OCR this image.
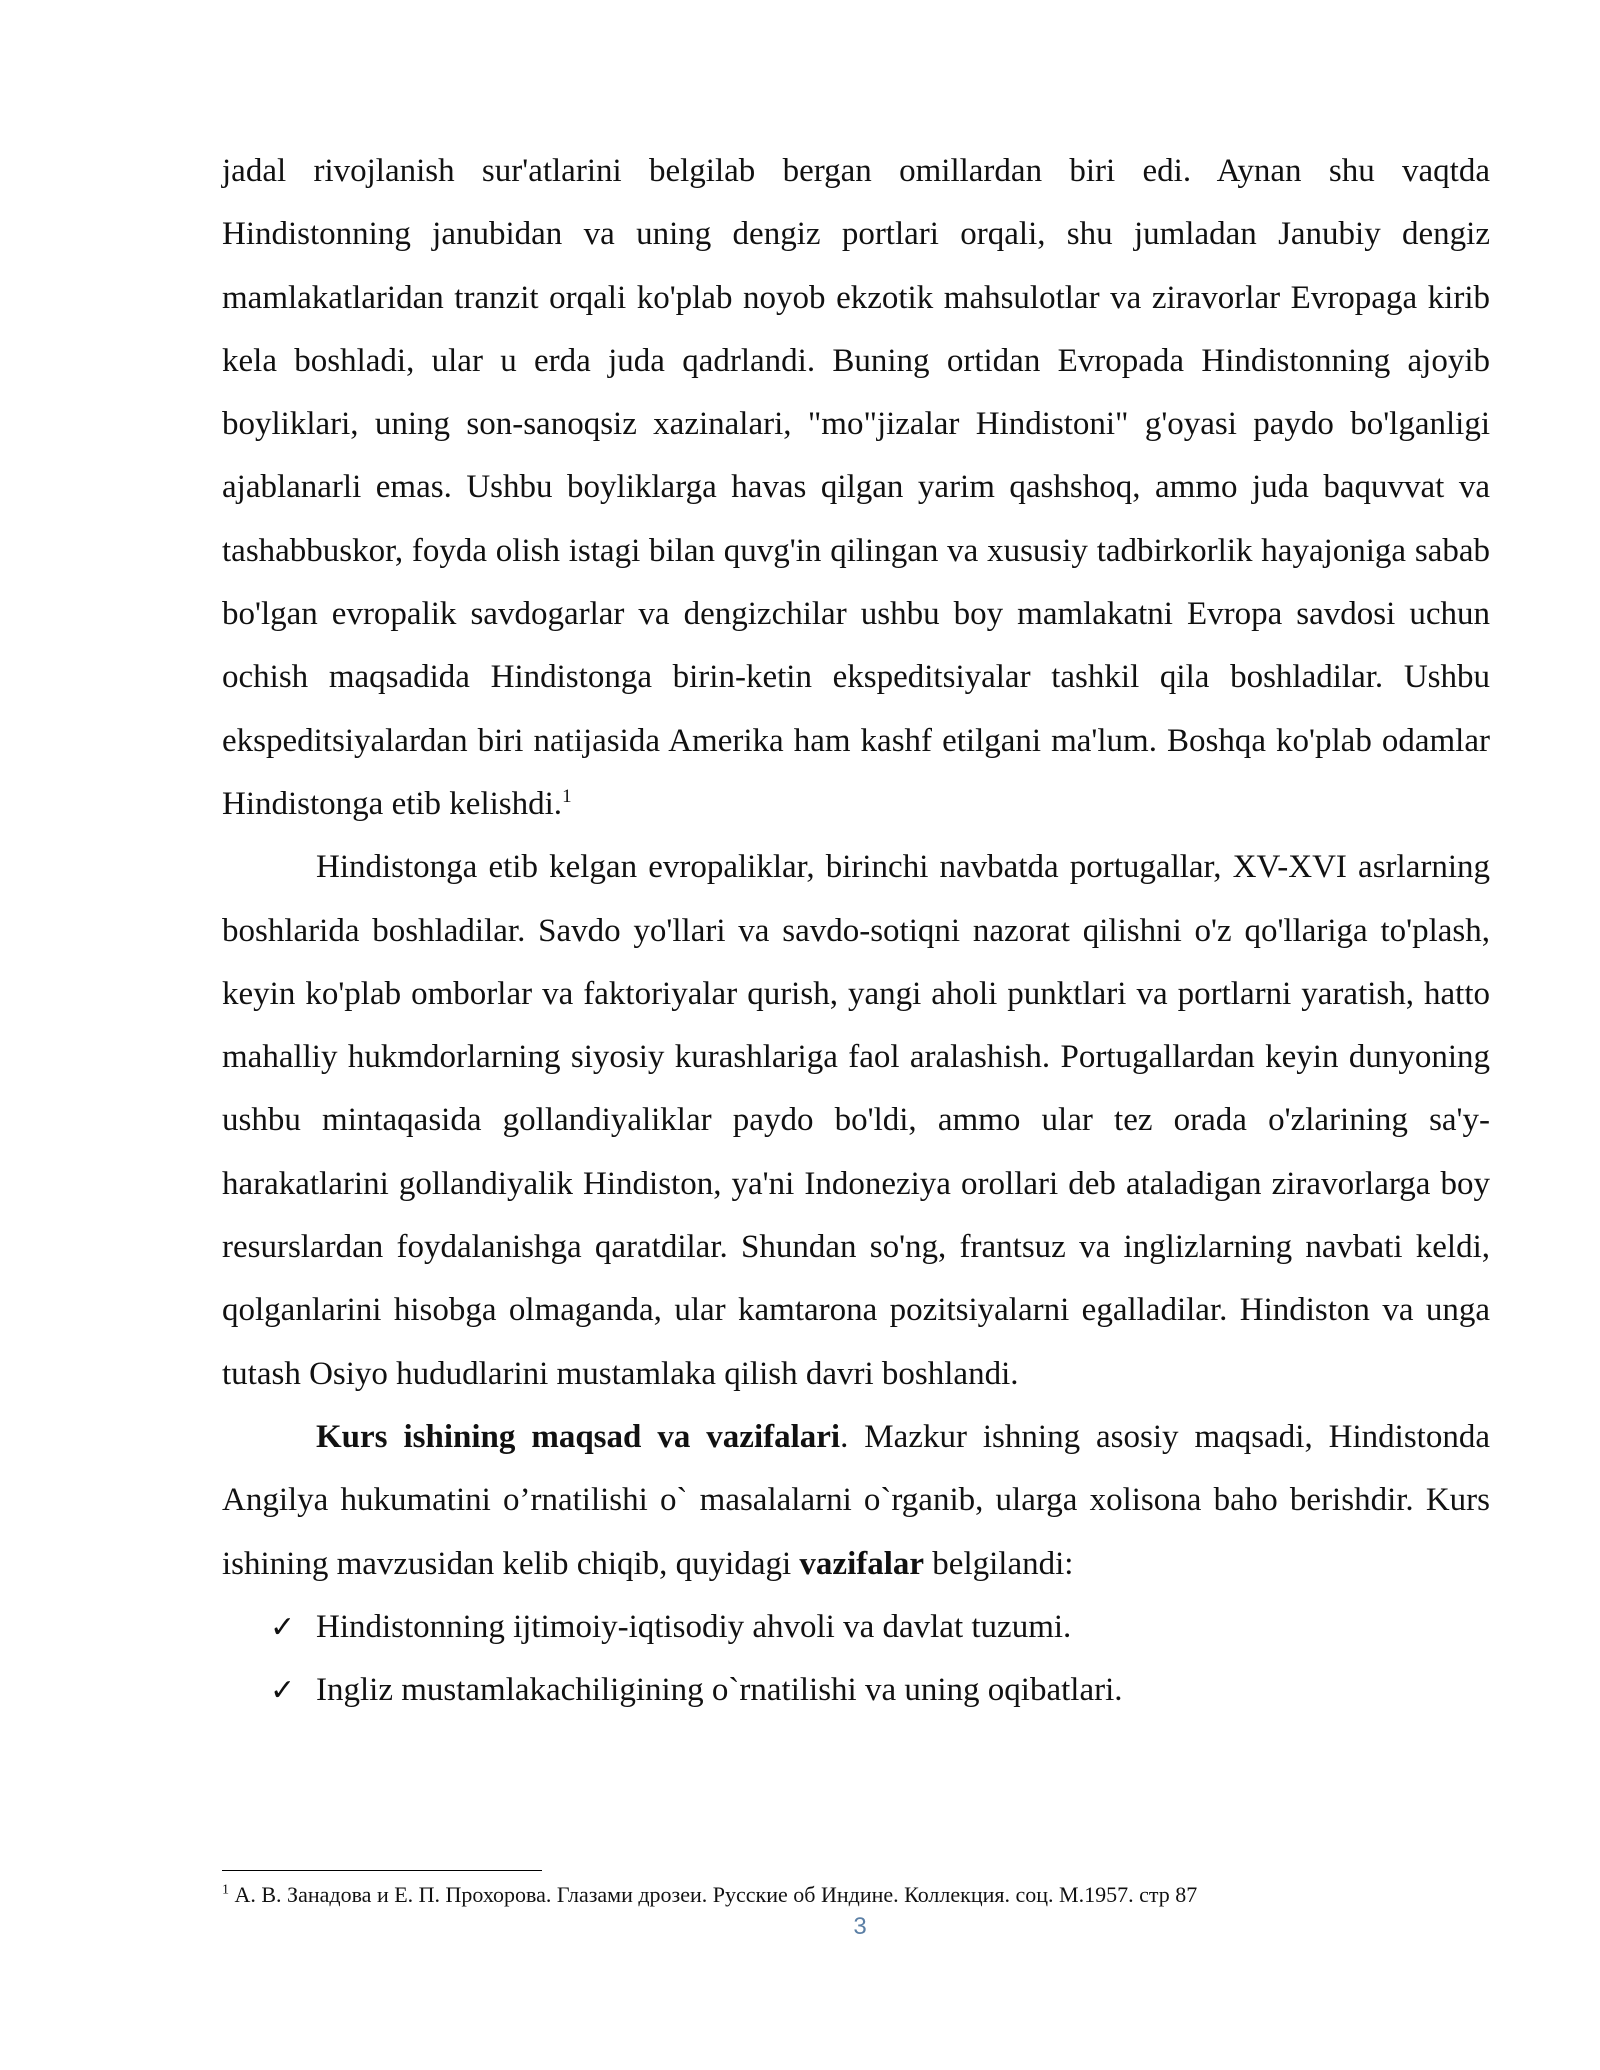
jadal rivojlanish sur'atlarini belgilab bergan omillardan biri edi. Aynan shu vaqtda Hindistonning janubidan va uning dengiz portlari orqali, shu jumladan Janubiy dengiz mamlakatlaridan tranzit orqali ko'plab noyob ekzotik mahsulotlar va ziravorlar Evropaga kirib kela boshladi, ular u erda juda qadrlandi. Buning ortidan Evropada Hindistonning ajoyib boyliklari, uning son-sanoqsiz xazinalari, "mo"jizalar Hindistoni" g'oyasi paydo bo'lganligi ajablanarli emas. Ushbu boyliklarga havas qilgan yarim qashshoq, ammo juda baquvvat va tashabbuskor, foyda olish istagi bilan quvg'in qilingan va xususiy tadbirkorlik hayajoniga sabab bo'lgan evropalik savdogarlar va dengizchilar ushbu boy mamlakatni Evropa savdosi uchun ochish maqsadida Hindistonga birin-ketin ekspeditsiyalar tashkil qila boshladilar. Ushbu ekspeditsiyalardan biri natijasida Amerika ham kashf etilgani ma'lum. Boshqa ko'plab odamlar Hindistonga etib kelishdi.$^1$

Hindistonga etib kelgan evropaliklar, birinchi navbatda portugallar, XV-XVI asrlarning boshlarida boshladilar. Savdo yo'llari va savdo-sotiqni nazorat qilishni o'z qo'llariga to'plash, keyin ko'plab omborlar va faktoriyalar qurish, yangi aholi punktlari va portlarni yaratish, hatto mahalliy hukmdorlarning siyosiy kurashlariga faol aralashish. Portugallardan keyin dunyoning ushbu mintaqasida gollandiyaliklar paydo bo'ldi, ammo ular tez orada o'zlarining sa'y-harakatlarini gollandiyalik Hindiston, ya'ni Indoneziya orollari deb ataladigan ziravorlarga boy resurslardan foydalanishga qaratdilar. Shundan so'ng, frantsuz va inglizlarning navbati keldi, qolganlarini hisobga olmaganda, ular kamtarona pozitsiyalarni egalladilar. Hindiston va unga tutash Osiyo hududlarini mustamlaka qilish davri boshlandi.

Kurs ishining maqsad va vazifalari. Mazkur ishning asosiy maqsadi, Hindistonda Angilya hukumatini o’rnatilishi o` masalalarni o`rganib, ularga xolisona baho berishdir. Kurs ishining mavzusidan kelib chiqib, quyidagi vazifalar belgilandi:

✓ Hindistonning ijtimoiy-iqtisodiy ahvoli va davlat tuzumi.
✓ Ingliz mustamlakachiligining o`rnatilishi va uning oqibatlari.

$^1$ А. В. Занадова и Е. П. Прохорова. Глазами дрозеи. Русские об Индине. Коллекция. соц. М.1957. стр 87

3
